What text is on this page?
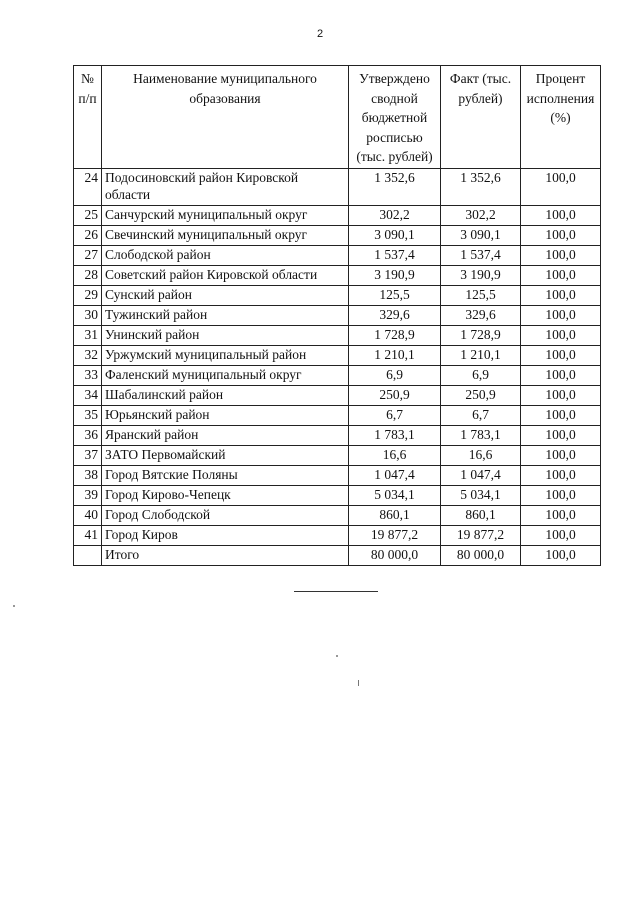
2
№ п/п	Наименование муниципального образования	Утверждено сводной бюджетной росписью (тыс. рублей)	Факт (тыс. рублей)	Процент исполнения (%)
24	Подосиновский район Кировской области	1 352,6	1 352,6	100,0
25	Санчурский муниципальный округ	302,2	302,2	100,0
26	Свечинский муниципальный округ	3 090,1	3 090,1	100,0
27	Слободской район	1 537,4	1 537,4	100,0
28	Советский район Кировской области	3 190,9	3 190,9	100,0
29	Сунский район	125,5	125,5	100,0
30	Тужинский район	329,6	329,6	100,0
31	Унинский район	1 728,9	1 728,9	100,0
32	Уржумский муниципальный район	1 210,1	1 210,1	100,0
33	Фаленский муниципальный округ	6,9	6,9	100,0
34	Шабалинский район	250,9	250,9	100,0
35	Юрьянский район	6,7	6,7	100,0
36	Яранский район	1 783,1	1 783,1	100,0
37	ЗАТО Первомайский	16,6	16,6	100,0
38	Город Вятские Поляны	1 047,4	1 047,4	100,0
39	Город Кирово-Чепецк	5 034,1	5 034,1	100,0
40	Город Слободской	860,1	860,1	100,0
41	Город Киров	19 877,2	19 877,2	100,0
	Итого	80 000,0	80 000,0	100,0
